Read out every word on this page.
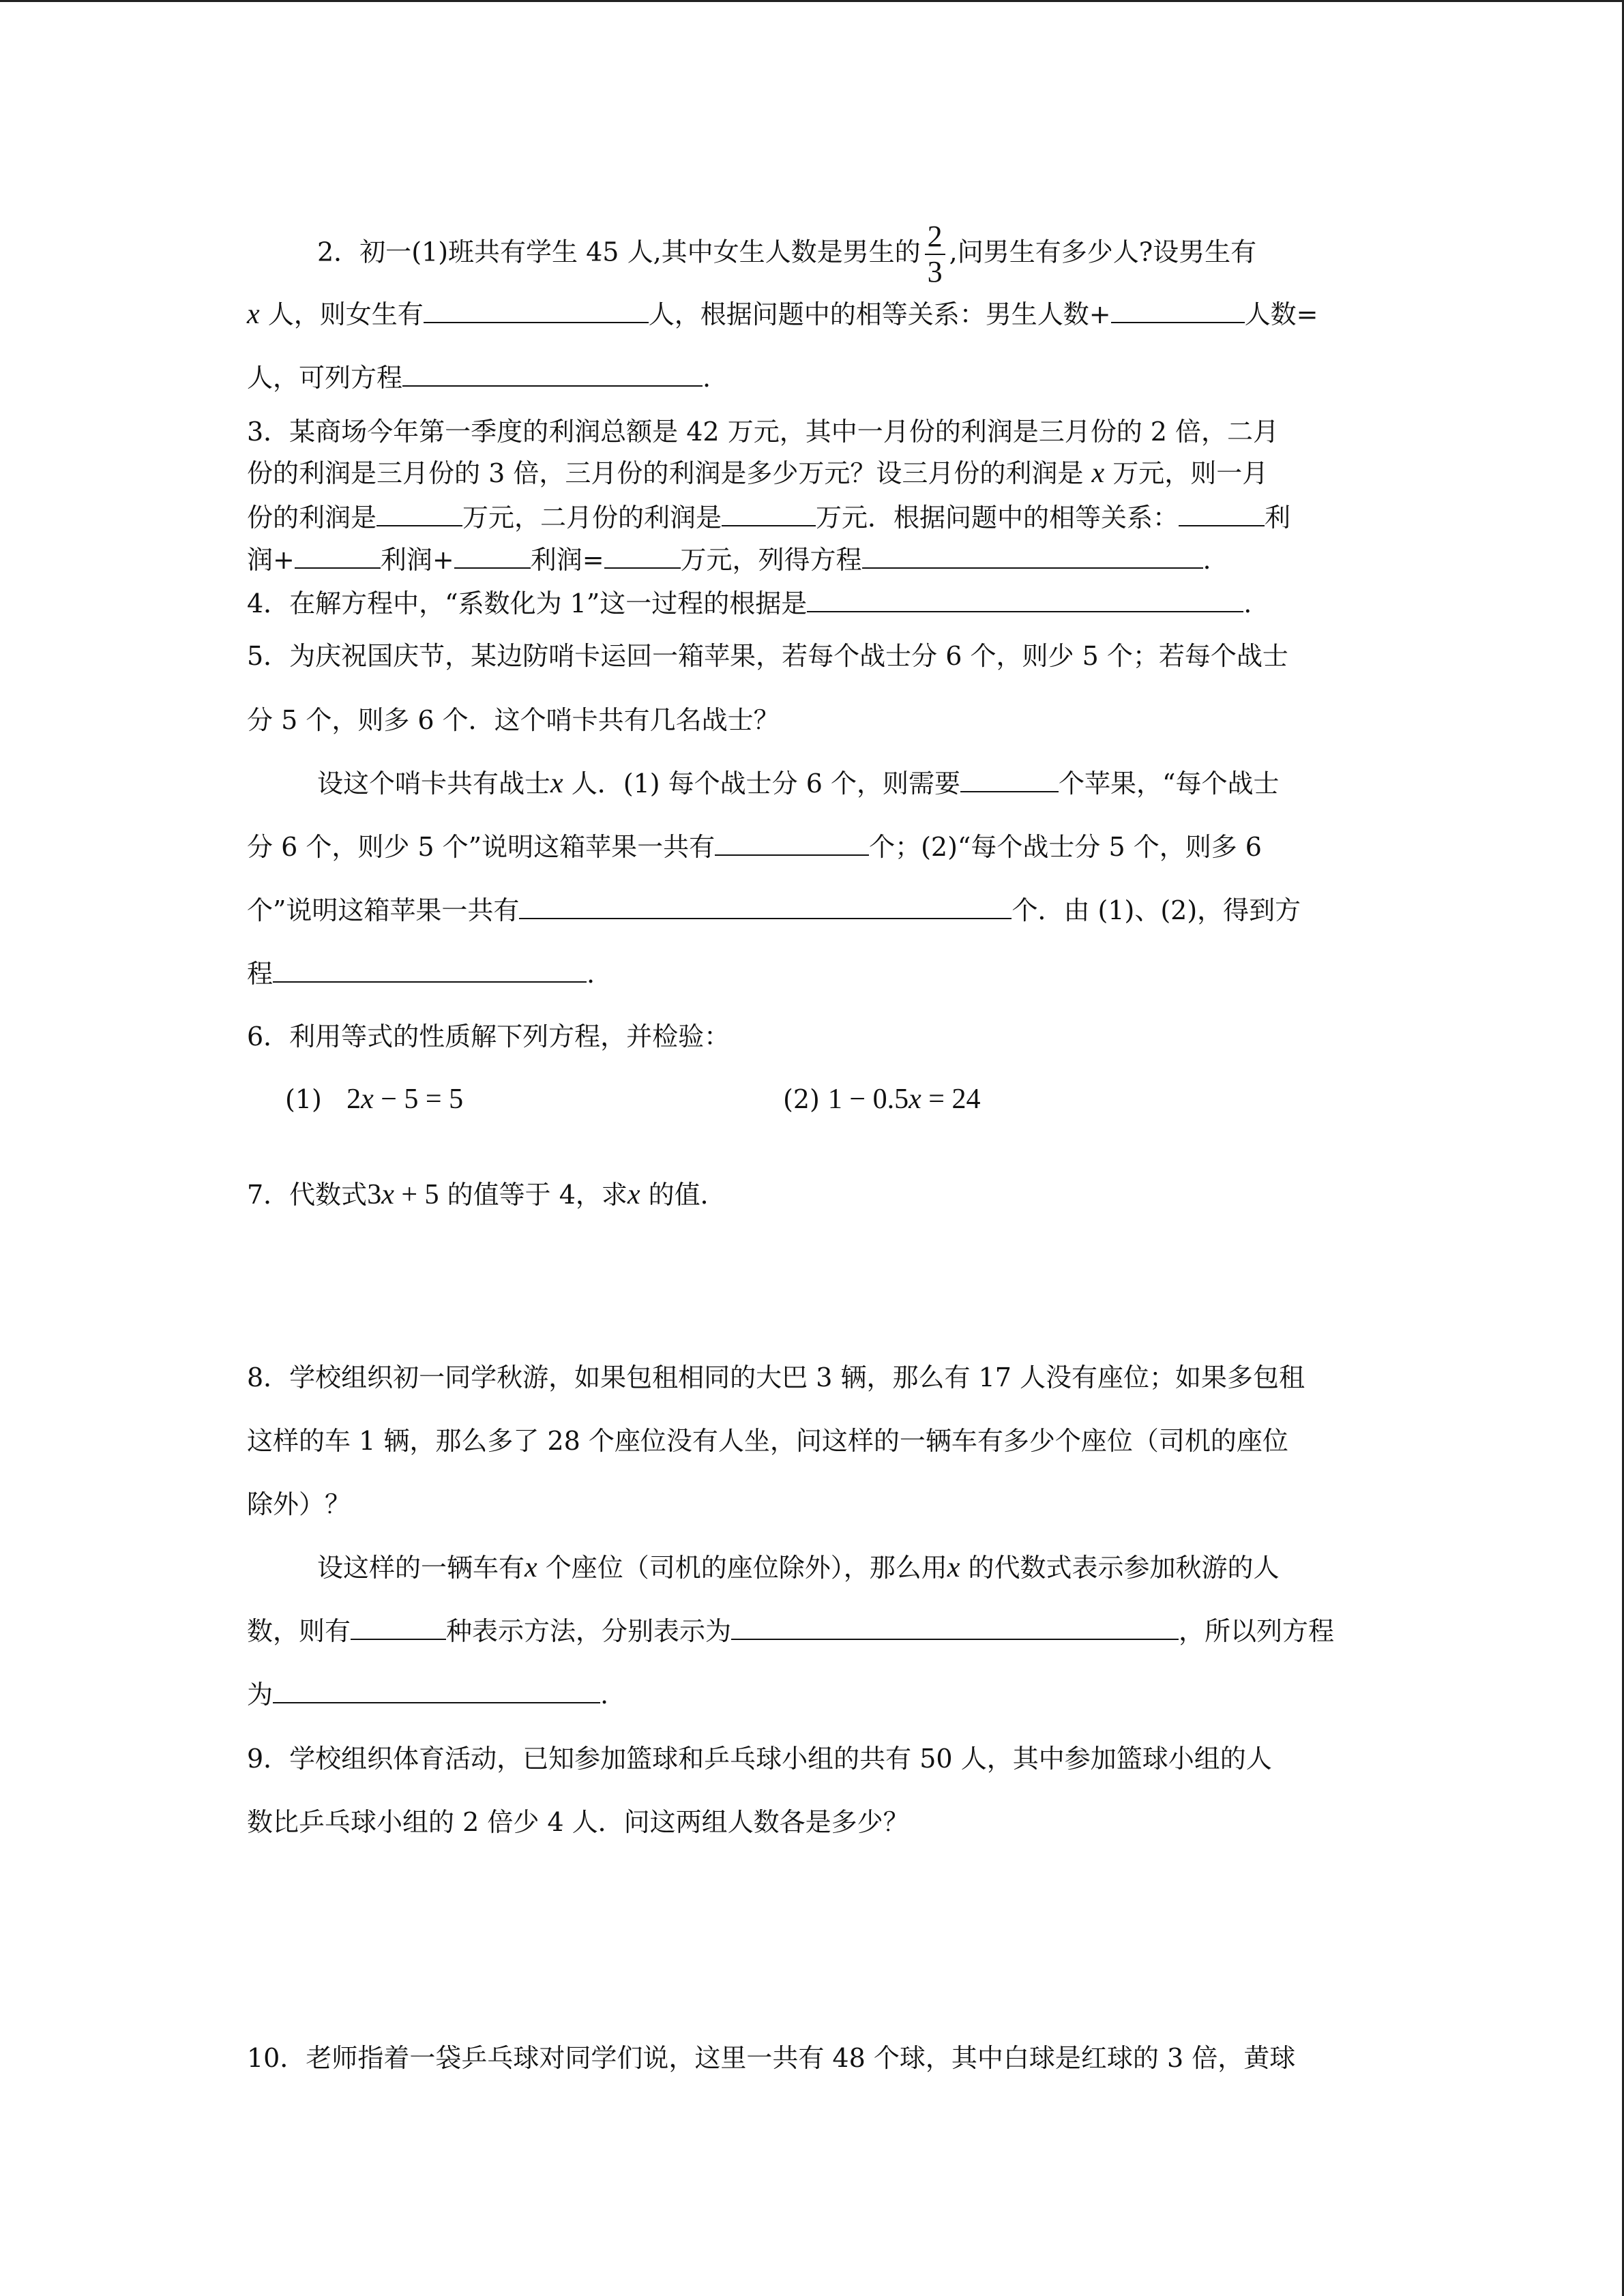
2．初一(1)班共有学生 45 人,其中女生人数是男生的 $\frac{2}{3}$ ,问男生有多少人?设男生有
x 人，则女生有	人，根据问题中的相等关系：男生人数+	人数=
人，可列方程	.
3．某商场今年第一季度的利润总额是 42 万元，其中一月份的利润是三月份的 2 倍，二月
份的利润是三月份的 3 倍，三月份的利润是多少万元？设三月份的利润是 x 万元，则一月
份的利润是	万元，二月份的利润是	万元．根据问题中的相等关系：	利
润+	利润+	利润=	万元，列得方程	.
4．在解方程中，“系数化为 1”这一过程的根据是	.
5．为庆祝国庆节，某边防哨卡运回一箱苹果，若每个战士分 6 个，则少 5 个；若每个战士
分 5 个，则多 6 个．这个哨卡共有几名战士？
设这个哨卡共有战士x 人．(1) 每个战士分 6 个，则需要	个苹果，“每个战士
分 6 个，则少 5 个”说明这箱苹果一共有	个；(2)“每个战士分 5 个，则多 6
个”说明这箱苹果一共有	个．由 (1)、(2)，得到方
程	.
6．利用等式的性质解下列方程，并检验：
(1) 2x − 5 = 5	(2) 1 − 0.5x = 24
7．代数式3x + 5 的值等于 4，求x 的值．
8．学校组织初一同学秋游，如果包租相同的大巴 3 辆，那么有 17 人没有座位；如果多包租
这样的车 1 辆，那么多了 28 个座位没有人坐，问这样的一辆车有多少个座位（司机的座位
除外）？
设这样的一辆车有x 个座位（司机的座位除外），那么用x 的代数式表示参加秋游的人
数，则有	种表示方法，分别表示为	，所以列方程
为	.
9．学校组织体育活动，已知参加篮球和乒乓球小组的共有 50 人，其中参加篮球小组的人
数比乒乓球小组的 2 倍少 4 人．问这两组人数各是多少？
10．老师指着一袋乒乓球对同学们说，这里一共有 48 个球，其中白球是红球的 3 倍，黄球
